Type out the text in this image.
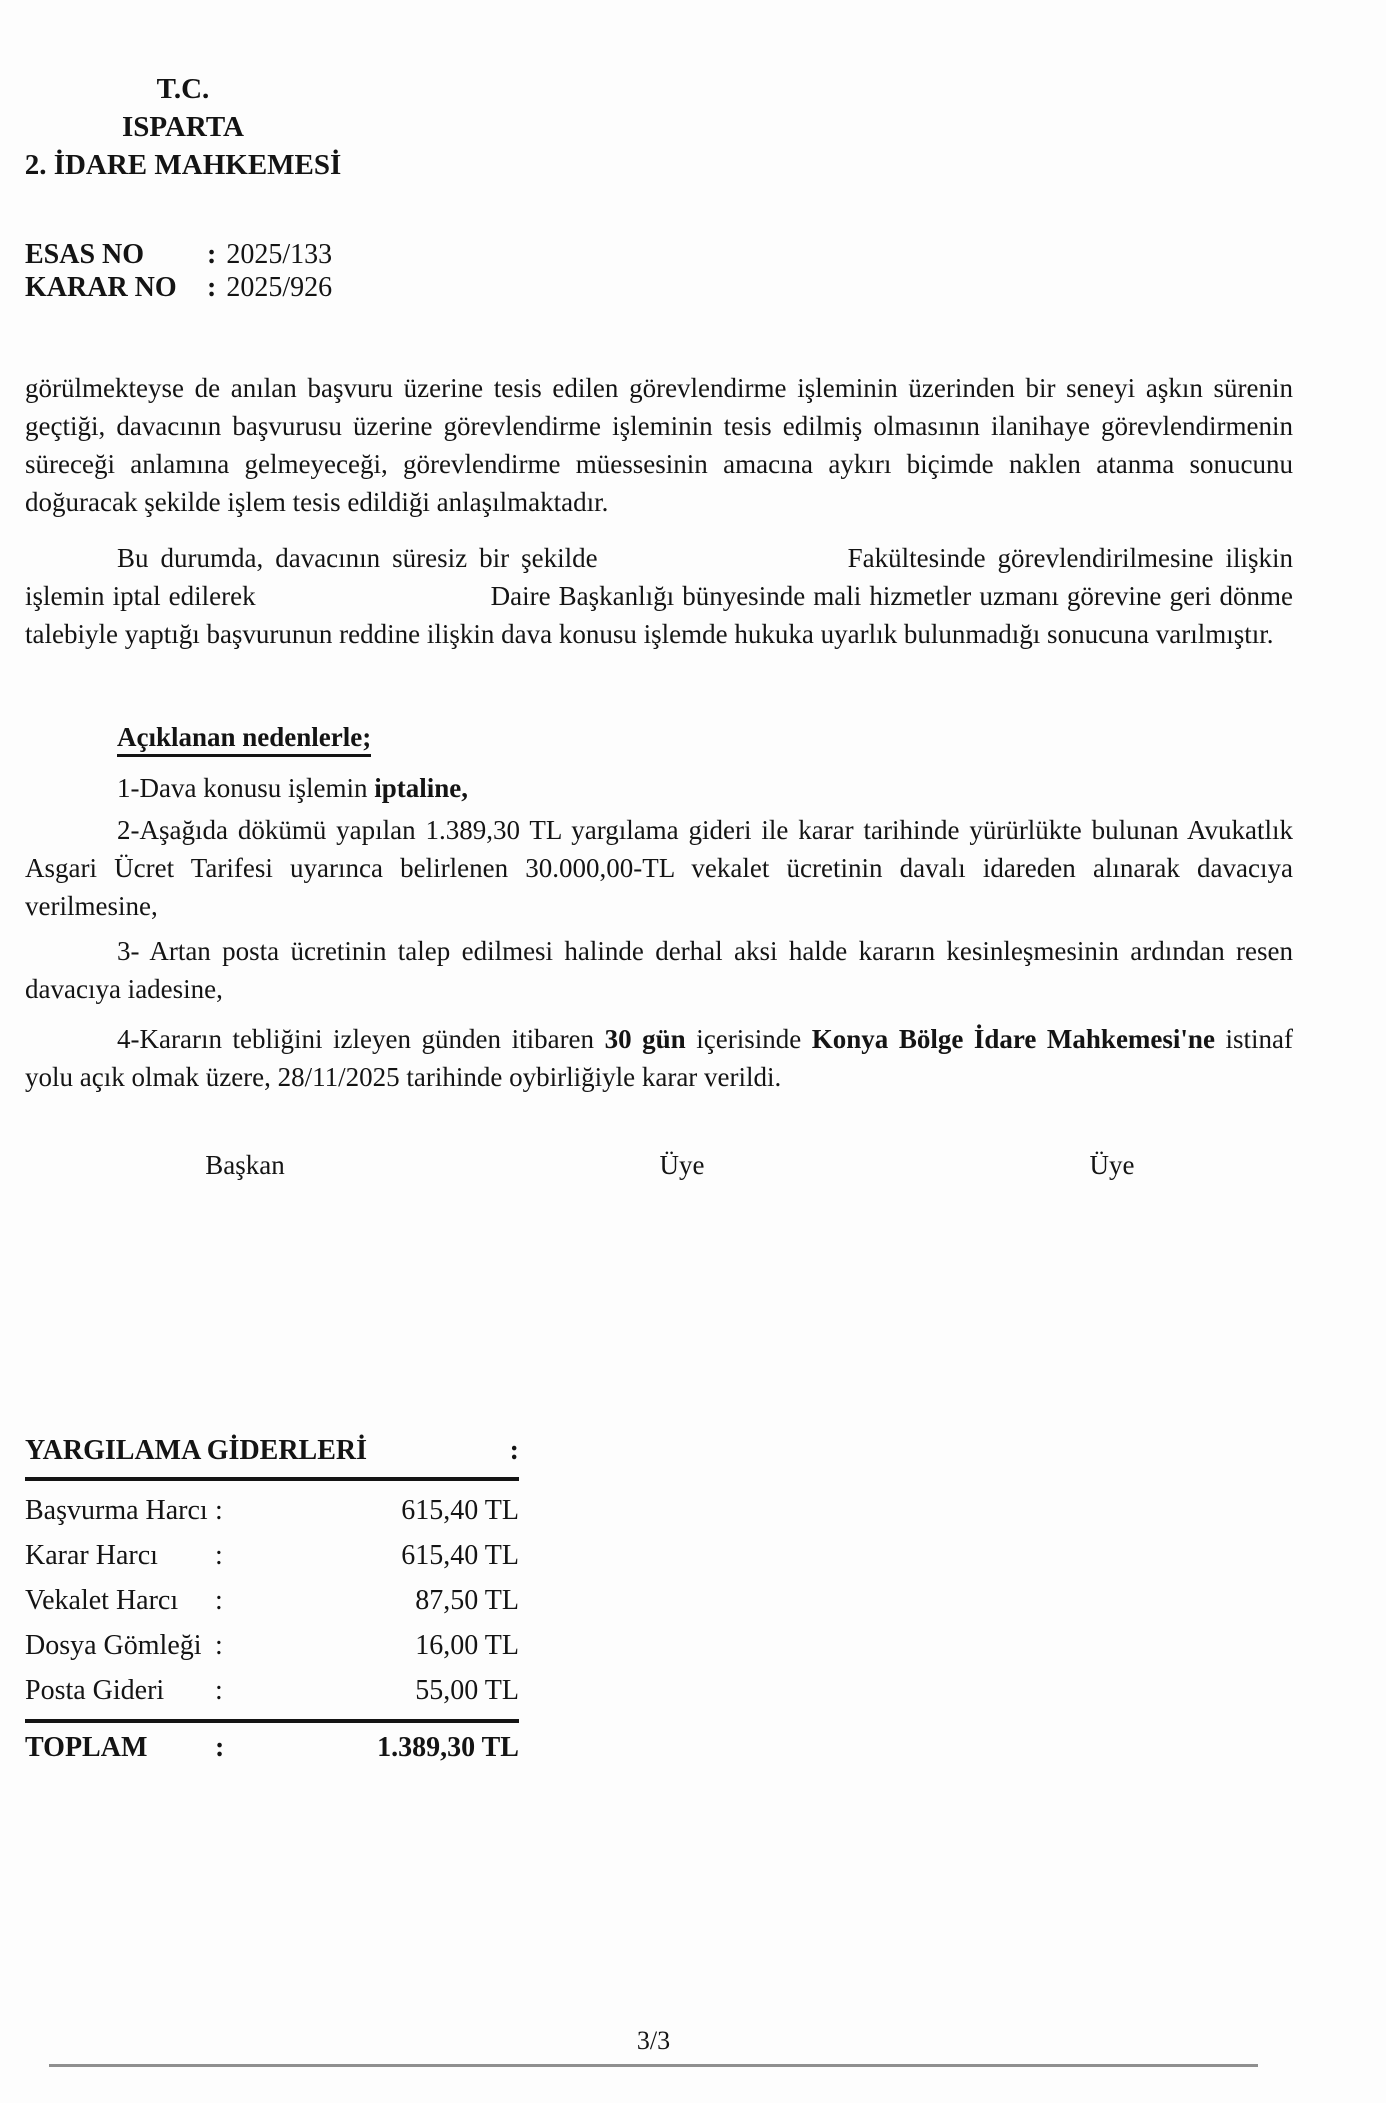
T.C.
ISPARTA
2. İDARE MAHKEMESİ
ESAS NO	: 2025/133
KARAR NO	: 2025/926

görülmekteyse de anılan başvuru üzerine tesis edilen görevlendirme işleminin üzerinden bir seneyi aşkın sürenin geçtiği, davacının başvurusu üzerine görevlendirme işleminin tesis edilmiş olmasının ilanihaye görevlendirmenin süreceği anlamına gelmeyeceği, görevlendirme müessesinin amacına aykırı biçimde naklen atanma sonucunu doğuracak şekilde işlem tesis edildiği anlaşılmaktadır.

Bu durumda, davacının süresiz bir şekilde	Fakültesinde görevlendirilmesine ilişkin işlemin iptal edilerek	Daire Başkanlığı bünyesinde mali hizmetler uzmanı görevine geri dönme talebiyle yaptığı başvurunun reddine ilişkin dava konusu işlemde hukuka uyarlık bulunmadığı sonucuna varılmıştır.

Açıklanan nedenlerle;

1-Dava konusu işlemin iptaline,

2-Aşağıda dökümü yapılan 1.389,30 TL yargılama gideri ile karar tarihinde yürürlükte bulunan Avukatlık Asgari Ücret Tarifesi uyarınca belirlenen 30.000,00-TL vekalet ücretinin davalı idareden alınarak davacıya verilmesine,

3- Artan posta ücretinin talep edilmesi halinde derhal aksi halde kararın kesinleşmesinin ardından resen davacıya iadesine,

4-Kararın tebliğini izleyen günden itibaren 30 gün içerisinde Konya Bölge İdare Mahkemesi'ne istinaf yolu açık olmak üzere, 28/11/2025 tarihinde oybirliğiyle karar verildi.

Başkan	Üye	Üye
YARGILAMA GİDERLERİ	:
Başvurma Harcı :	615,40 TL
Karar Harcı	:	615,40 TL
Vekalet Harcı	:	87,50 TL
Dosya Gömleği :	16,00 TL
Posta Gideri	:	55,00 TL
TOPLAM	:	1.389,30 TL
3/3
